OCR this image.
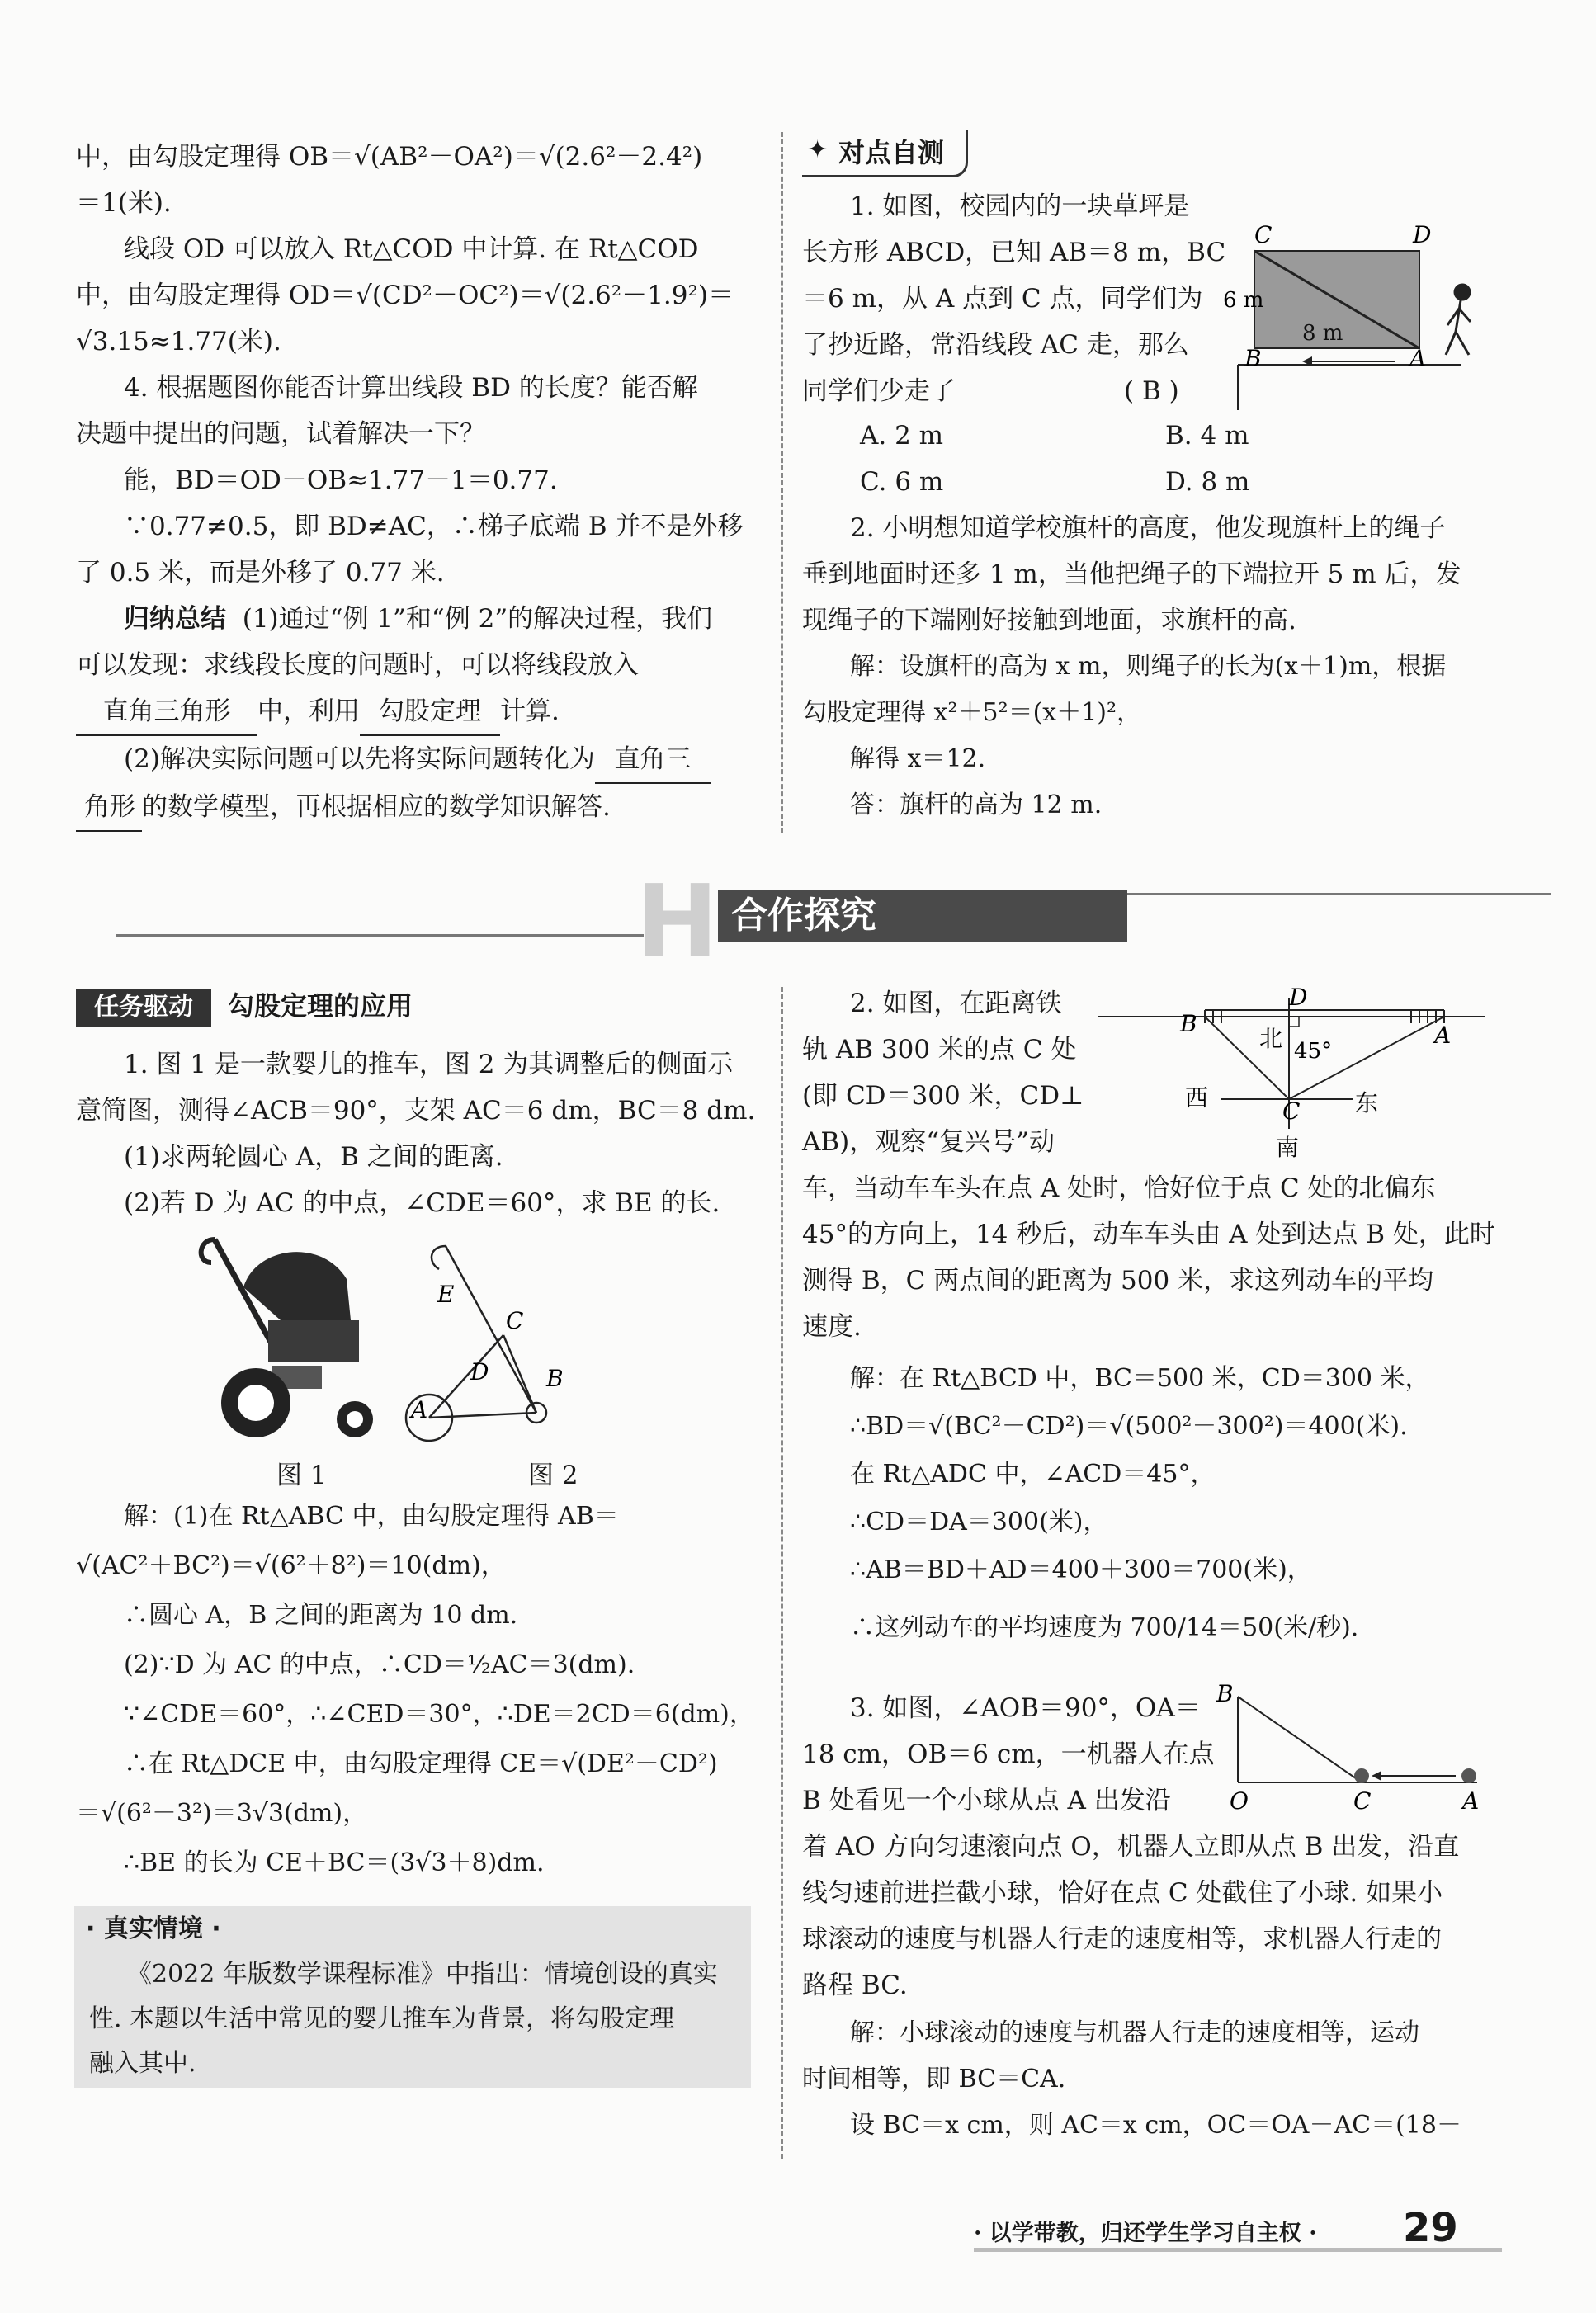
中，由勾股定理得 OB＝√(AB²－OA²)＝√(2.6²－2.4²)
＝1(米).
线段 OD 可以放入 Rt△COD 中计算. 在 Rt△COD
中，由勾股定理得 OD＝√(CD²－OC²)＝√(2.6²－1.9²)＝
√3.15≈1.77(米).
4. 根据题图你能否计算出线段 BD 的长度？能否解
决题中提出的问题，试着解决一下？
能，BD＝OD－OB≈1.77－1＝0.77.
∵0.77≠0.5，即 BD≠AC，∴梯子底端 B 并不是外移
了 0.5 米，而是外移了 0.77 米.
归纳总结 (1)通过“例 1”和“例 2”的解决过程，我们
可以发现：求线段长度的问题时，可以将线段放入
直角三角形 中，利用 勾股定理 计算.
(2)解决实际问题可以先将实际问题转化为 直角三
角形 的数学模型，再根据相应的数学知识解答.
✦ 对点自测
1. 如图，校园内的一块草坪是
长方形 ABCD，已知 AB＝8 m，BC
＝6 m，从 A 点到 C 点，同学们为
了抄近路，常沿线段 AC 走，那么
同学们少走了	( B )
C	D
B	A
6 m
8 m
A. 2 m	B. 4 m
C. 6 m	D. 8 m
2. 小明想知道学校旗杆的高度，他发现旗杆上的绳子
垂到地面时还多 1 m，当他把绳子的下端拉开 5 m 后，发
现绳子的下端刚好接触到地面，求旗杆的高.
解：设旗杆的高为 x m，则绳子的长为(x＋1)m，根据
勾股定理得 x²＋5²＝(x＋1)²，
解得 x＝12.
答：旗杆的高为 12 m.
H 合作探究
任务驱动 勾股定理的应用
1. 图 1 是一款婴儿的推车，图 2 为其调整后的侧面示
意简图，测得∠ACB＝90°，支架 AC＝6 dm，BC＝8 dm.
(1)求两轮圆心 A，B 之间的距离.
(2)若 D 为 AC 的中点，∠CDE＝60°，求 BE 的长.
E
C
D
A
B
图 1	图 2
解：(1)在 Rt△ABC 中，由勾股定理得 AB＝
√(AC²＋BC²)＝√(6²＋8²)＝10(dm)，
∴圆心 A，B 之间的距离为 10 dm.
(2)∵D 为 AC 的中点，∴CD＝½AC＝3(dm).
∵∠CDE＝60°，∴∠CED＝30°，∴DE＝2CD＝6(dm)，
∴在 Rt△DCE 中，由勾股定理得 CE＝√(DE²－CD²)
＝√(6²－3²)＝3√3(dm)，
∴BE 的长为 CE＋BC＝(3√3＋8)dm.
· 真实情境 ·
《2022 年版数学课程标准》中指出：情境创设的真实
性. 本题以生活中常见的婴儿推车为背景，将勾股定理
融入其中.
2. 如图，在距离铁
轨 AB 300 米的点 C 处
(即 CD＝300 米，CD⊥
AB)，观察“复兴号”动
D
B	A
北 45°
西	东
C
南
车，当动车车头在点 A 处时，恰好位于点 C 处的北偏东
45°的方向上，14 秒后，动车车头由 A 处到达点 B 处，此时
测得 B，C 两点间的距离为 500 米，求这列动车的平均
速度.
解：在 Rt△BCD 中，BC＝500 米，CD＝300 米，
∴BD＝√(BC²－CD²)＝√(500²－300²)＝400(米).
在 Rt△ADC 中，∠ACD＝45°，
∴CD＝DA＝300(米)，
∴AB＝BD＋AD＝400＋300＝700(米)，
∴这列动车的平均速度为 700/14＝50(米/秒).
3. 如图，∠AOB＝90°，OA＝
18 cm，OB＝6 cm，一机器人在点
B 处看见一个小球从点 A 出发沿
B
O	C	A
着 AO 方向匀速滚向点 O，机器人立即从点 B 出发，沿直
线匀速前进拦截小球，恰好在点 C 处截住了小球. 如果小
球滚动的速度与机器人行走的速度相等，求机器人行走的
路程 BC.
解：小球滚动的速度与机器人行走的速度相等，运动
时间相等，即 BC＝CA.
设 BC＝x cm，则 AC＝x cm，OC＝OA－AC＝(18－
· 以学带教，归还学生学习自主权 · 29
